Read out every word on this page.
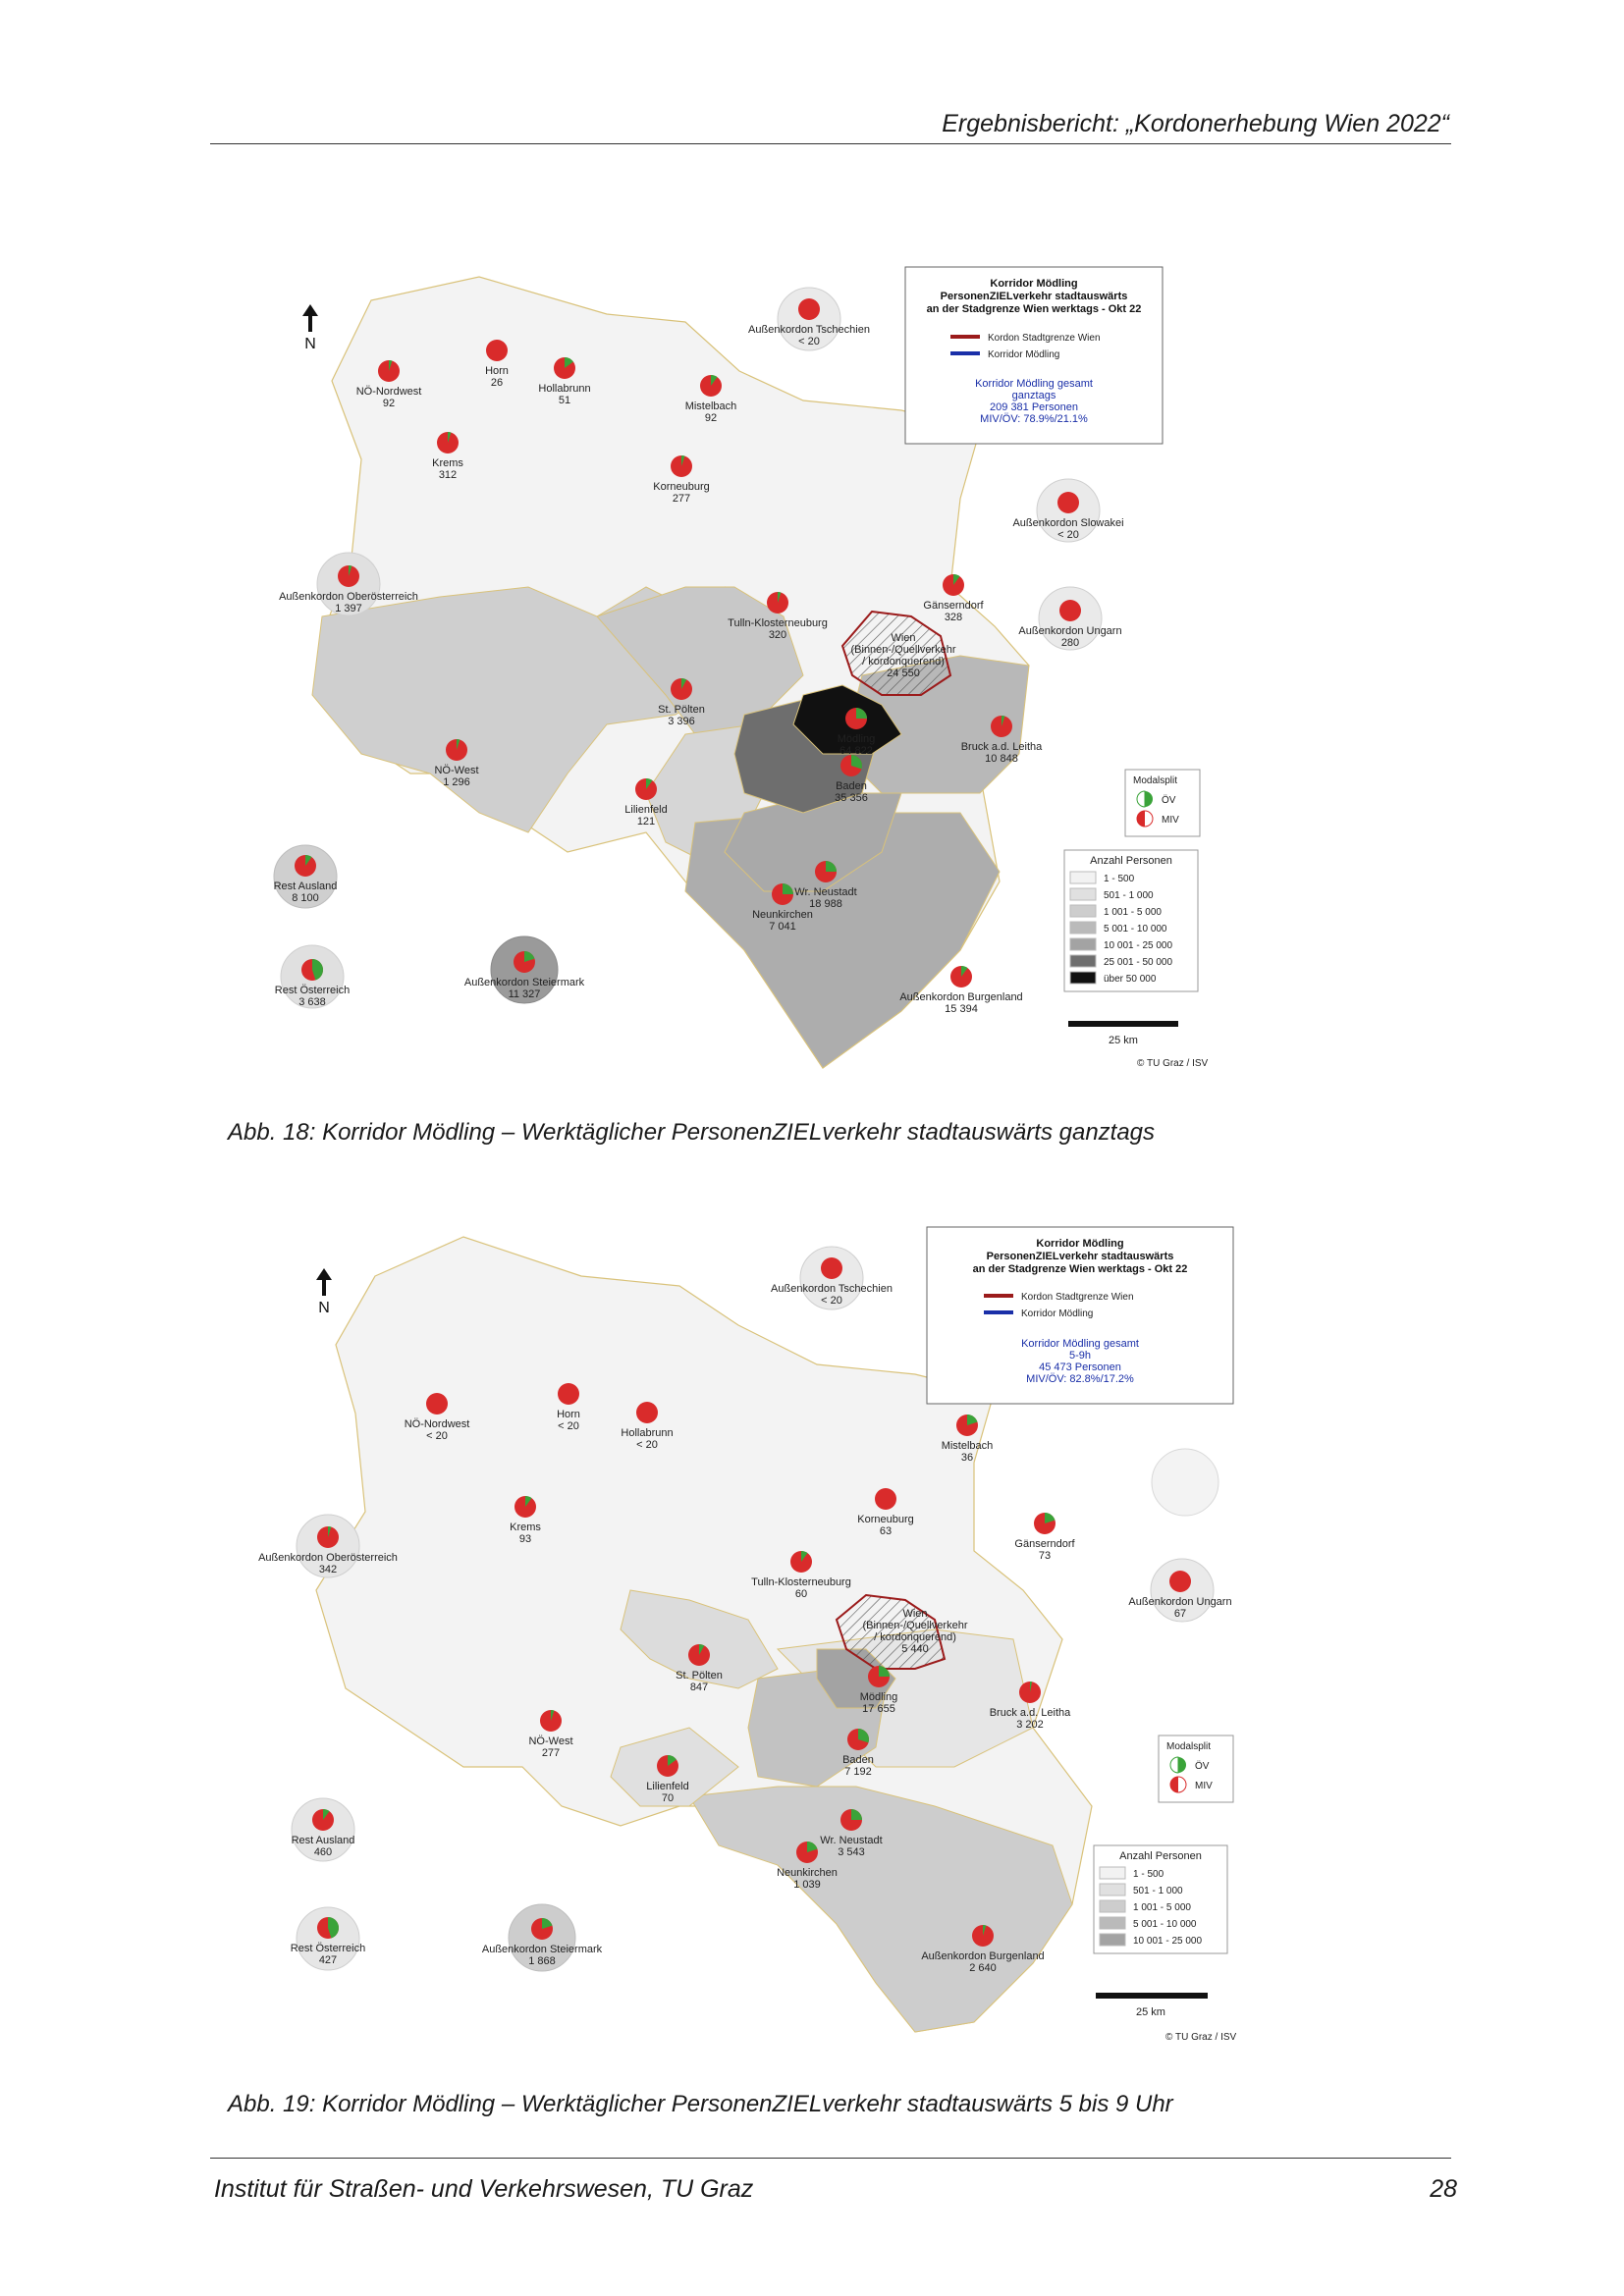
Ergebnisbericht: „Kordonerhebung Wien 2022“
Außenkordon Tschechien
< 20
NÖ-Nordwest
92
Horn
26	Hollabrunn
51	Mistelbach
92
Außenkordon Slowakei
< 20
Krems
312
Außenkordon Oberösterreich
1 397
Korneuburg
277
Tulln-Klosterneuburg
320
Gänserndorf
328
Außenkordon Ungarn
280
St. Pölten
3 396
Mödling
64 822	Bruck a.d. Leitha
10 848
NÖ-West
1 296	Baden
35 356
Lilienfeld
121
Rest Ausland
8 100	Wr. Neustadt
18 988
Neunkirchen
7 041
Rest Österreich
3 638
Außenkordon Steiermark
11 327	Außenkordon Burgenland
15 394
Wien
(Binnen-/Quellverkehr
/ kordonquerend)
24 550
N
Korridor Mödling
PersonenZIELverkehr stadtauswärts
an der Stadgrenze Wien werktags - Okt 22
Kordon Stadtgrenze Wien
Korridor Mödling
Korridor Mödling gesamt
ganztags
209 381 Personen
MIV/ÖV: 78.9%/21.1%
Modalsplit
ÖV
MIV
Anzahl Personen
1 - 500
501 - 1 000
1 001 - 5 000
5 001 - 10 000
10 001 - 25 000
25 001 - 50 000
über 50 000
25 km
© TU Graz / ISV
Abb. 18: Korridor Mödling – Werktäglicher PersonenZIELverkehr stadtauswärts ganztags
Außenkordon Tschechien
< 20
NÖ-Nordwest
< 20
Horn
< 20
Hollabrunn
< 20	Mistelbach
36
Krems
93
Außenkordon Oberösterreich
342
Korneuburg
63
Tulln-Klosterneuburg
60
Gänserndorf
73
Außenkordon Ungarn
67
St. Pölten
847
Mödling
17 655	Bruck a.d. Leitha
3 202
NÖ-West
277
Baden
7 192
Lilienfeld
70
Rest Ausland
460
Wr. Neustadt
3 543
Neunkirchen
1 039
Rest Österreich
427
Außenkordon Steiermark
1 868	Außenkordon Burgenland
2 640
Wien
(Binnen-/Quellverkehr
/ kordonquerend)
5 440
N
Korridor Mödling
PersonenZIELverkehr stadtauswärts
an der Stadgrenze Wien werktags - Okt 22
Kordon Stadtgrenze Wien
Korridor Mödling
Korridor Mödling gesamt
5-9h
45 473 Personen
MIV/ÖV: 82.8%/17.2%
Modalsplit
ÖV
MIV
Anzahl Personen
1 - 500
501 - 1 000
1 001 - 5 000
5 001 - 10 000
10 001 - 25 000
25 km
© TU Graz / ISV
Abb. 19: Korridor Mödling – Werktäglicher PersonenZIELverkehr stadtauswärts 5 bis 9 Uhr
Institut für Straßen- und Verkehrswesen, TU Graz	28
